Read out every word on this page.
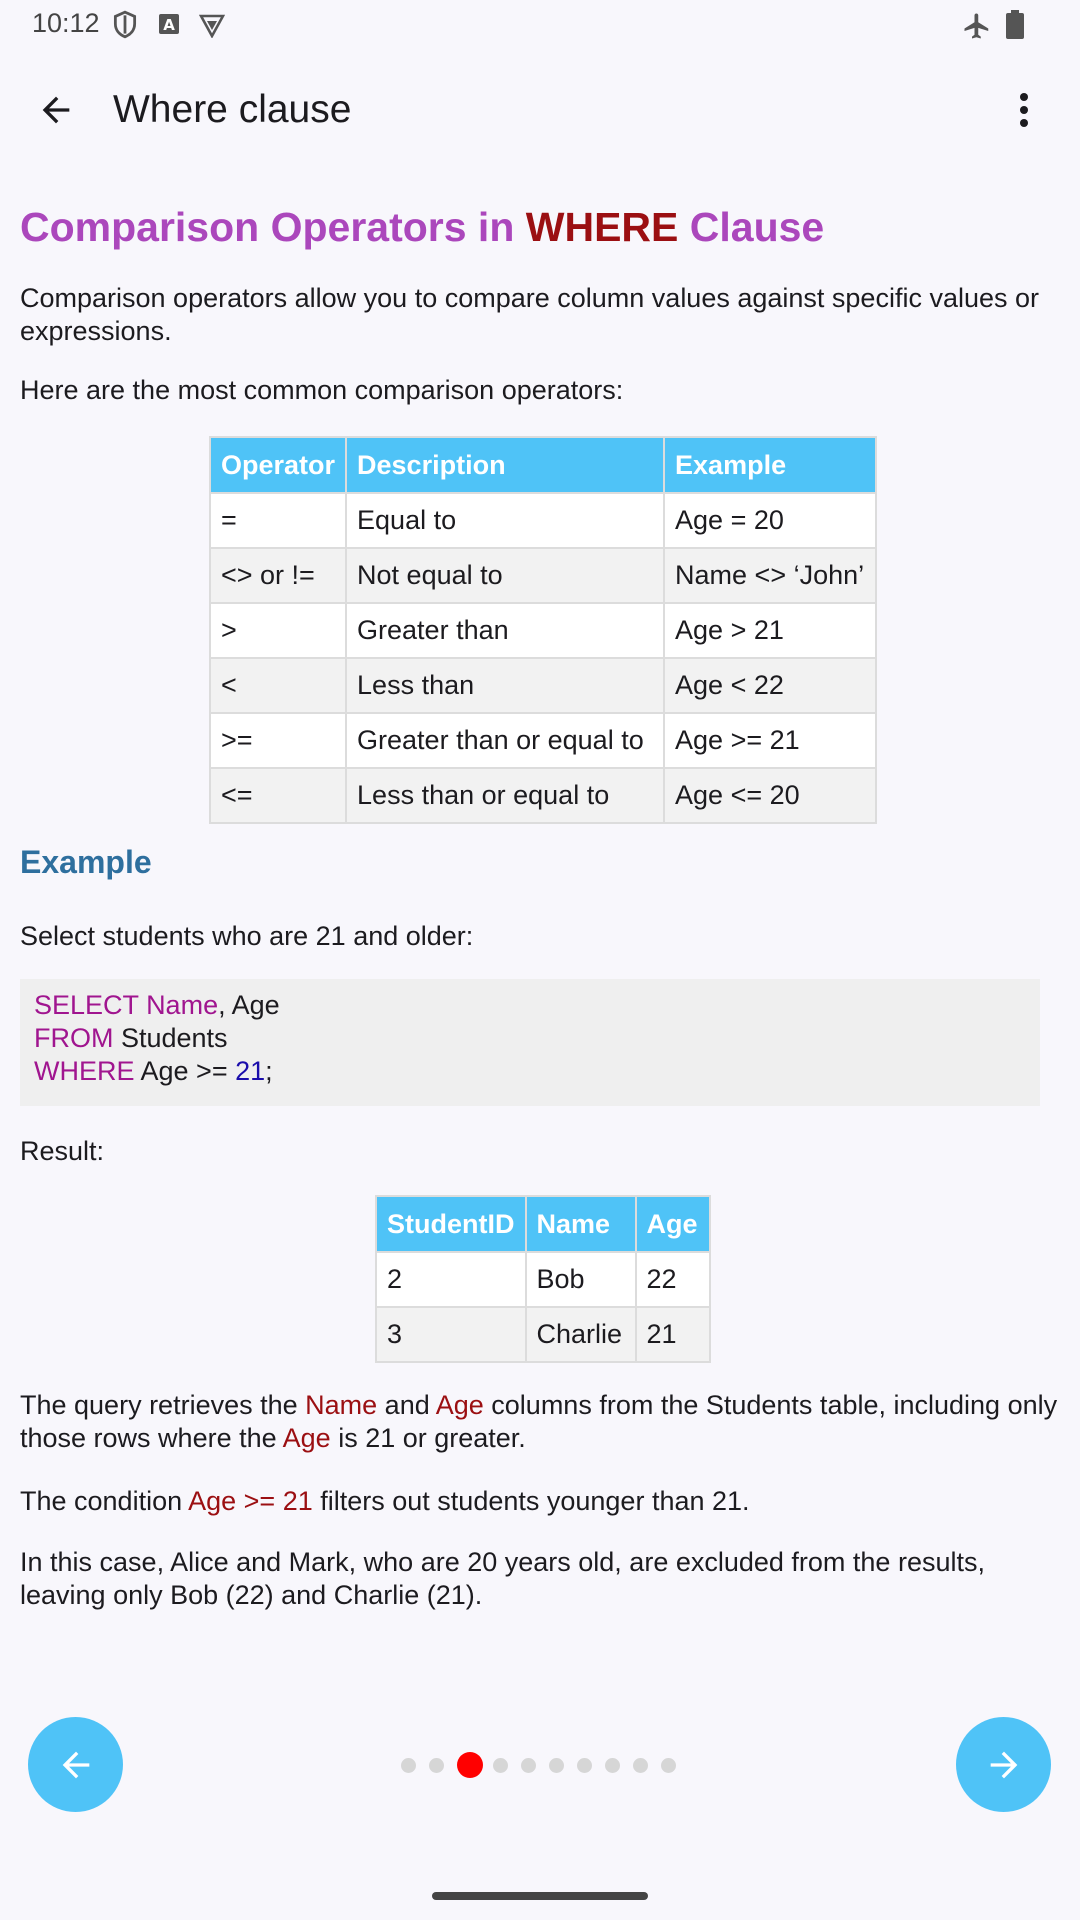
10:12	A
Where clause
Comparison Operators in WHERE Clause

Comparison operators allow you to compare column values against specific values or expressions.

Here are the most common comparison operators:

Operator	Description	Example
=	Equal to	Age = 20
<> or !=	Not equal to	Name <> ‘John’
>	Greater than	Age > 21
<	Less than	Age < 22
>=	Greater than or equal to	Age >= 21
<=	Less than or equal to	Age <= 20
Example

Select students who are 21 and older:

SELECT Name, Age
FROM Students
WHERE Age >= 21;

Result:

StudentID	Name	Age
2	Bob	22
3	Charlie	21

The query retrieves the Name and Age columns from the Students table, including only those rows where the Age is 21 or greater.

The condition Age >= 21 filters out students younger than 21.

In this case, Alice and Mark, who are 20 years old, are excluded from the results, leaving only Bob (22) and Charlie (21).
